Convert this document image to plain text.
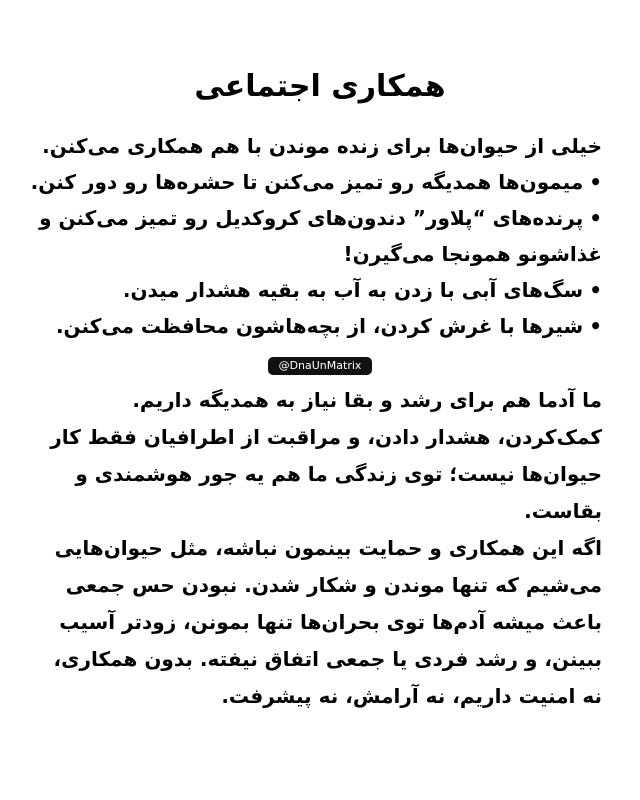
همکاری اجتماعی

خیلی از حیوان‌ها برای زنده موندن با هم همکاری می‌کنن.

•میمون‌ها همدیگه رو تمیز می‌کنن تا حشره‌ها رو دور کنن.
•پرنده‌های “پلاور” دندون‌های کروکدیل رو تمیز می‌کنن و غذاشونو همونجا می‌گیرن!
•سگ‌های آبی با زدن به آب به بقیه هشدار میدن.
•شیرها با غرش کردن، از بچه‌هاشون محافظت می‌کنن.
@DnaUnMatrix
ما آدما هم برای رشد و بقا نیاز به همدیگه داریم. کمک‌کردن، هشدار دادن، و مراقبت از اطرافیان فقط کار حیوان‌ها نیست؛ توی زندگی ما هم یه جور هوشمندی و بقاست.
اگه این همکاری و حمایت بینمون نباشه، مثل حیوان‌هایی می‌شیم که تنها موندن و شکار شدن. نبودن حس جمعی باعث میشه آدم‌ها توی بحران‌ها تنها بمونن، زودتر آسیب ببینن، و رشد فردی یا جمعی اتفاق نیفته. بدون همکاری، نه امنیت داریم، نه آرامش، نه پیشرفت.
